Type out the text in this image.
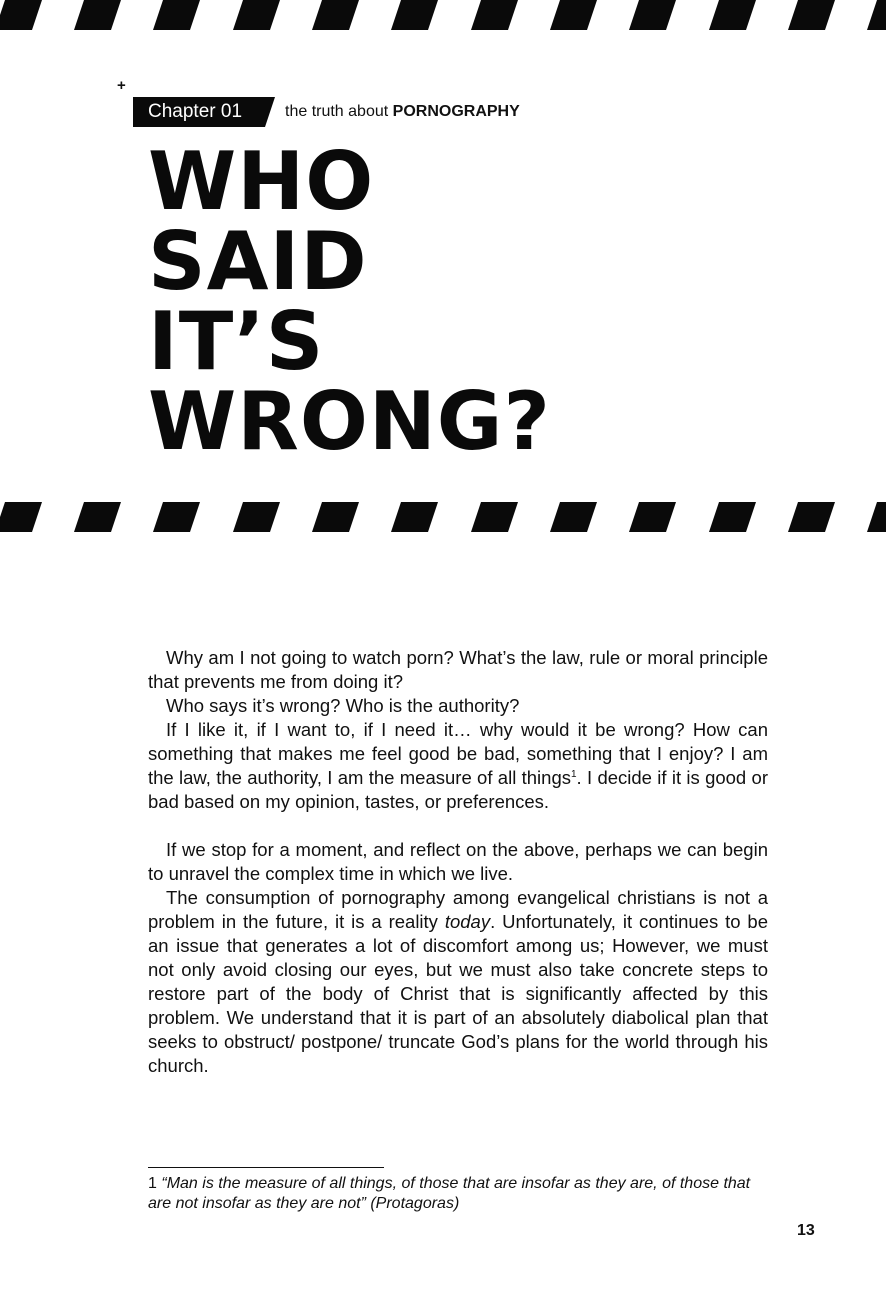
+
Chapter 01	the truth about PORNOGRAPHY
WHO
SAID
IT’S
WRONG?

Why am I not going to watch porn? What’s the law, rule or moral principle that prevents me from doing it?

Who says it’s wrong? Who is the authority?

If I like it, if I want to, if I need it… why would it be wrong? How can something that makes me feel good be bad, something that I enjoy? I am the law, the authority, I am the measure of all things$^1$. I decide if it is good or bad based on my opinion, tastes, or preferences.

If we stop for a moment, and reflect on the above, perhaps we can begin to unravel the complex time in which we live.

The consumption of pornography among evangelical christians is not a problem in the future, it is a reality today. Unfortunately, it continues to be an issue that generates a lot of discomfort among us; However, we must not only avoid closing our eyes, but we must also take concrete steps to restore part of the body of Christ that is significantly affected by this problem. We understand that it is part of an absolutely diabolical plan that seeks to obstruct/ postpone/ truncate God’s plans for the world through his church.

1 “Man is the measure of all things, of those that are insofar as they are, of those that are not insofar as they are not” (Protagoras)
13
